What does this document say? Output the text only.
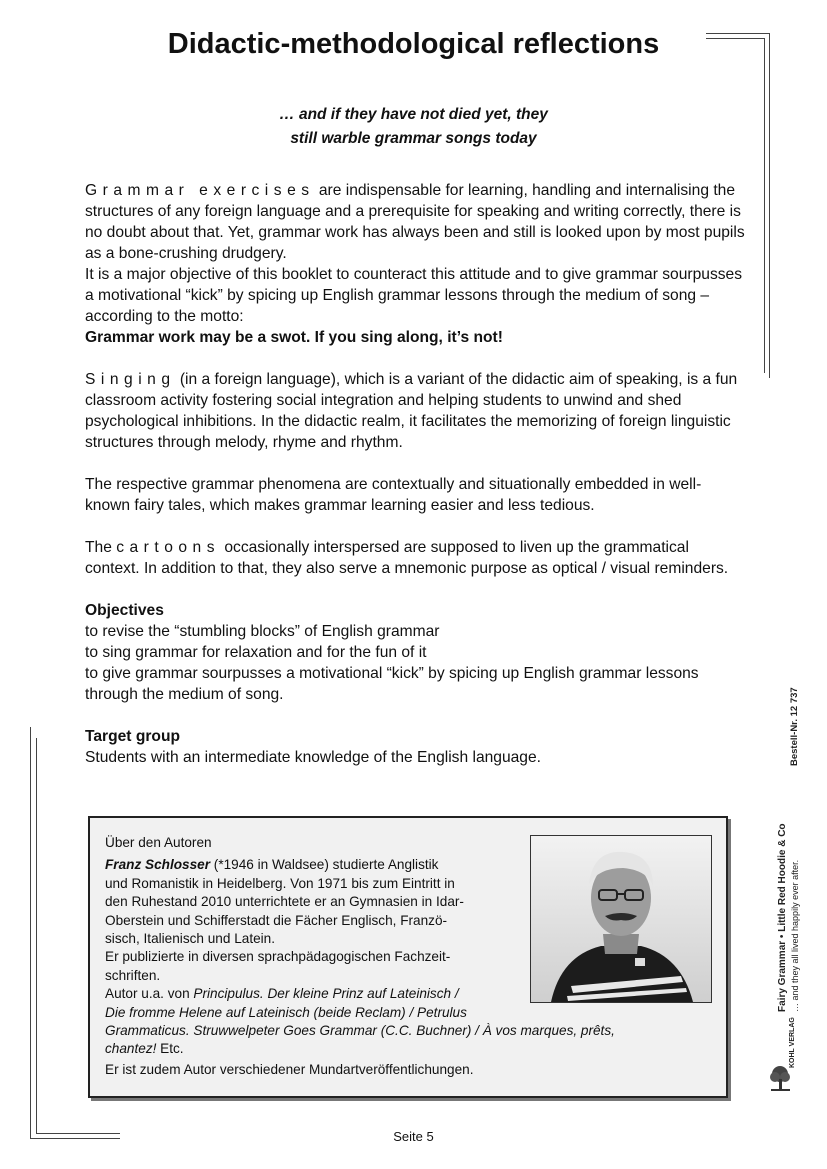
Didactic-methodological reflections
… and if they have not died yet, they
still warble grammar songs today

Grammar exercises are indispensable for learning, handling and internalising the structures of any foreign language and a prerequisite for speaking and writing correctly, there is no doubt about that. Yet, grammar work has always been and still is looked upon by most pupils as a bone-crushing drudgery.
It is a major objective of this booklet to counteract this attitude and to give grammar sourpusses a motivational “kick” by spicing up English grammar lessons through the medium of song – according to the motto:
Grammar work may be a swot. If you sing along, it’s not!

Singing (in a foreign language), which is a variant of the didactic aim of speaking, is a fun classroom activity fostering social integration and helping students to unwind and shed psychological inhibitions. In the didactic realm, it facilitates the memorizing of foreign linguistic structures through melody, rhyme and rhythm.

The respective grammar phenomena are contextually and situationally embedded in well-known fairy tales, which makes grammar learning easier and less tedious.

The cartoons occasionally interspersed are supposed to liven up the grammatical context. In addition to that, they also serve a mnemonic purpose as optical / visual reminders.

Objectives
to revise the “stumbling blocks” of English grammar
to sing grammar for relaxation and for the fun of it
to give grammar sourpusses a motivational “kick” by spicing up English grammar lessons through the medium of song.

Target group
Students with an intermediate knowledge of the English language.

Über den Autoren
Franz Schlosser (*1946 in Waldsee) studierte Anglistik
und Romanistik in Heidelberg. Von 1971 bis zum Eintritt in
den Ruhestand 2010 unterrichtete er an Gymnasien in Idar-
Oberstein und Schifferstadt die Fächer Englisch, Franzö-
sisch, Italienisch und Latein.
Er publizierte in diversen sprachpädagogischen Fachzeit-
schriften.
Autor u.a. von Principulus. Der kleine Prinz auf Lateinisch /
Die fromme Helene auf Lateinisch (beide Reclam) / Petrulus
Grammaticus. Struwwelpeter Goes Grammar (C.C. Buchner) / À vos marques, prêts,
chantez! Etc.
Er ist zudem Autor verschiedener Mundartveröffentlichungen.
Bestell-Nr. 12 737
Fairy Grammar • Little Red Hoodie & Co … and they all lived happily ever after.
KOHL VERLAG
Seite 5
